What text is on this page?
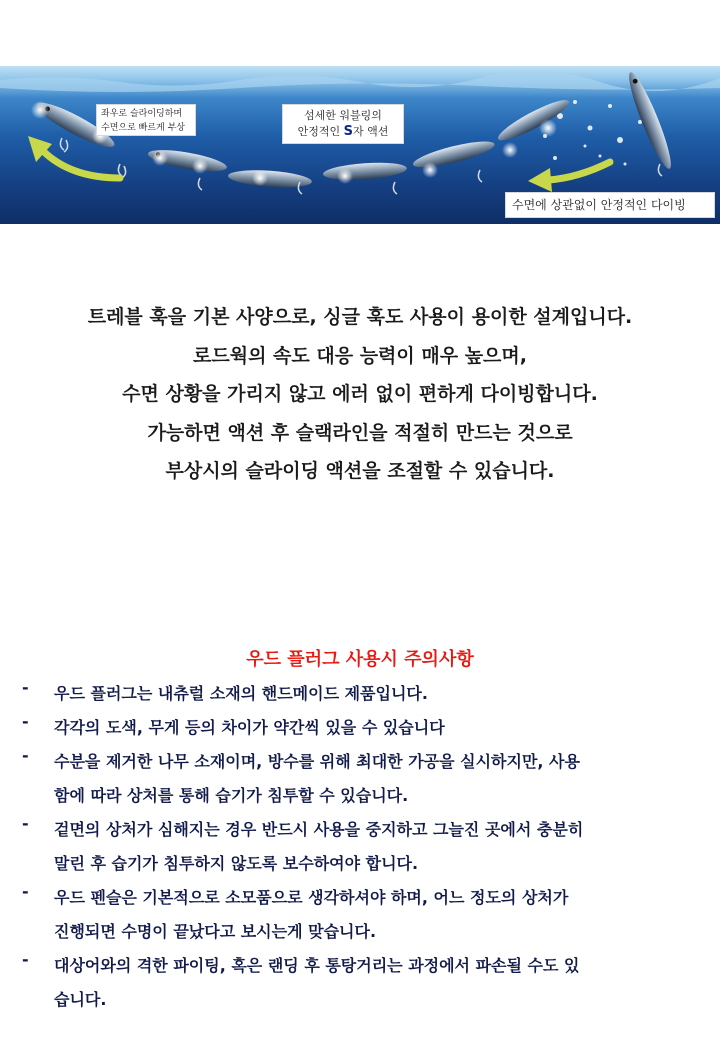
좌우로 슬라이딩하며
수면으로 빠르게 부상
섬세한 워블링의
안정적인 S자 액션
수면에 상관없이 안정적인 다이빙
트레블 훅을 기본 사양으로, 싱글 훅도 사용이 용이한 설계입니다.
로드웍의 속도 대응 능력이 매우 높으며,
수면 상황을 가리지 않고 에러 없이 편하게 다이빙합니다.
가능하면 액션 후 슬랙라인을 적절히 만드는 것으로
부상시의 슬라이딩 액션을 조절할 수 있습니다.
우드 플러그 사용시 주의사항
-	우드 플러그는 내츄럴 소재의 핸드메이드 제품입니다.
-	각각의 도색, 무게 등의 차이가 약간씩 있을 수 있습니다
-	수분을 제거한 나무 소재이며, 방수를 위해 최대한 가공을 실시하지만, 사용
함에 따라 상처를 통해 습기가 침투할 수 있습니다.
-	겉면의 상처가 심해지는 경우 반드시 사용을 중지하고 그늘진 곳에서 충분히
말린 후 습기가 침투하지 않도록 보수하여야 합니다.
-	우드 펜슬은 기본적으로 소모품으로 생각하셔야 하며, 어느 정도의 상처가
진행되면 수명이 끝났다고 보시는게 맞습니다.
-	대상어와의 격한 파이팅, 혹은 랜딩 후 통탕거리는 과정에서 파손될 수도 있
습니다.
